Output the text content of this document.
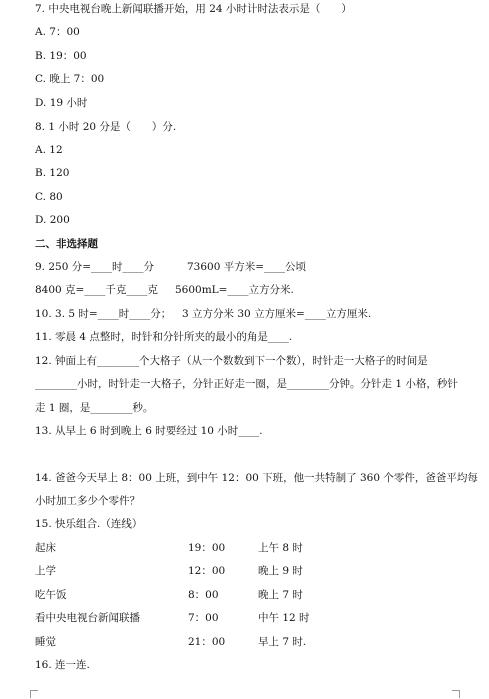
7. 中央电视台晚上新闻联播开始，用 24 小时计时法表示是（　　）
A. 7：00
B. 19：00
C. 晚上 7：00
D. 19 小时
8. 1 小时 20 分是（　　）分.
A. 12
B. 120
C. 80
D. 200
二、非选择题
9. 250 分=____时____分	73600 平方米=____公顷
8400 克=____千克____克 5600mL=____立方分米.
10. 3. 5 时=____时____分； 3 立方分米 30 立方厘米=____立方厘米.
11. 零晨 4 点整时，时针和分针所夹的最小的角是____.
12. 钟面上有________个大格子（从一个数数到下一个数），时针走一大格子的时间是
________小时，时针走一大格子，分针正好走一圈，是________分钟。分针走 1 小格，秒针
走 1 圈，是________秒。
13. 从早上 6 时到晚上 6 时要经过 10 小时____.
14. 爸爸今天早上 8：00 上班，到中午 12：00 下班，他一共特制了 360 个零件，爸爸平均每
小时加工多少个零件？
15. 快乐组合.（连线）
起床	19：00	上午 8 时
上学	12：00	晚上 9 时
吃午饭	8：00	晚上 7 时
看中央电视台新闻联播	7：00	中午 12 时
睡觉	21：00	早上 7 时.
16. 连一连.
